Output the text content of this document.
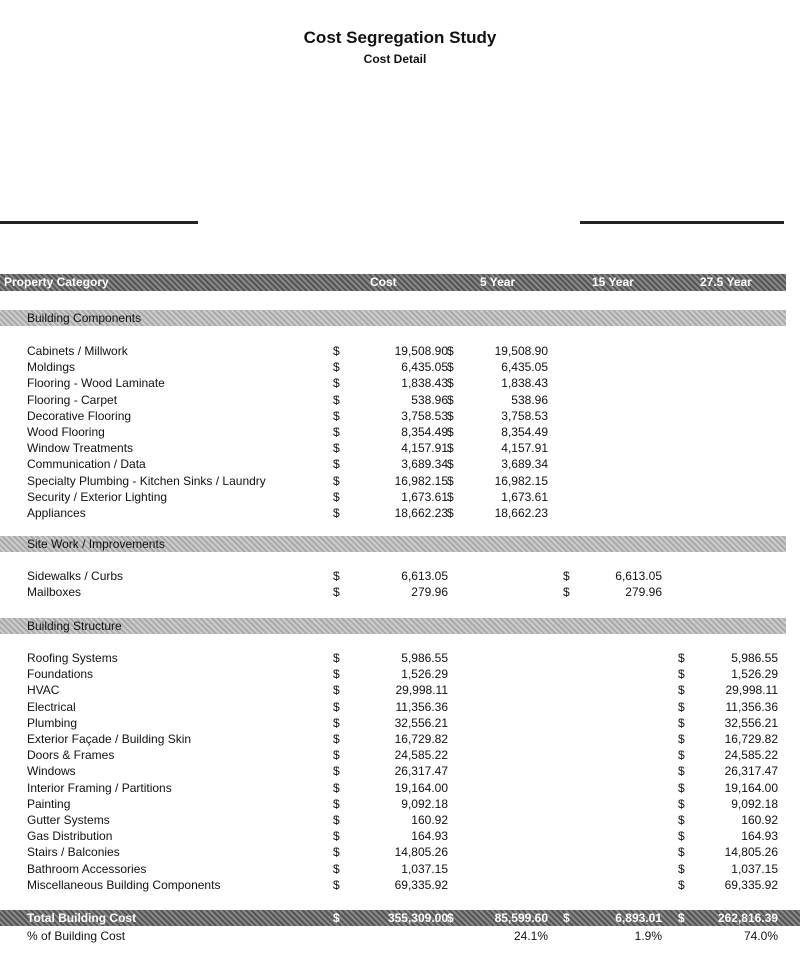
Cost Segregation Study
Cost Detail
Property Category	Cost	5 Year	15 Year	27.5 Year
Building Components
Cabinets / Millwork	$	19,508.90 $	19,508.90
Moldings	$	6,435.05 $	6,435.05
Flooring - Wood Laminate	$	1,838.43 $	1,838.43
Flooring - Carpet	$	538.96 $	538.96
Decorative Flooring	$	3,758.53 $	3,758.53
Wood Flooring	$	8,354.49 $	8,354.49
Window Treatments	$	4,157.91 $	4,157.91
Communication / Data	$	3,689.34 $	3,689.34
Specialty Plumbing - Kitchen Sinks / Laundry	$	16,982.15 $	16,982.15
Security / Exterior Lighting	$	1,673.61 $	1,673.61
Appliances	$	18,662.23 $	18,662.23
Site Work / Improvements
Sidewalks / Curbs	$	6,613.05	$	6,613.05
Mailboxes	$	279.96	$	279.96
Building Structure
Roofing Systems	$	5,986.55	$	5,986.55
Foundations	$	1,526.29	$	1,526.29
HVAC	$	29,998.11	$	29,998.11
Electrical	$	11,356.36	$	11,356.36
Plumbing	$	32,556.21	$	32,556.21
Exterior Façade / Building Skin	$	16,729.82	$	16,729.82
Doors & Frames	$	24,585.22	$	24,585.22
Windows	$	26,317.47	$	26,317.47
Interior Framing / Partitions	$	19,164.00	$	19,164.00
Painting	$	9,092.18	$	9,092.18
Gutter Systems	$	160.92	$	160.92
Gas Distribution	$	164.93	$	164.93
Stairs / Balconies	$	14,805.26	$	14,805.26
Bathroom Accessories	$	1,037.15	$	1,037.15
Miscellaneous Building Components	$	69,335.92	$	69,335.92
Total Building Cost	$	355,309.00 $	85,599.60 $	6,893.01 $	262,816.39
% of Building Cost	24.1%	1.9%	74.0%
